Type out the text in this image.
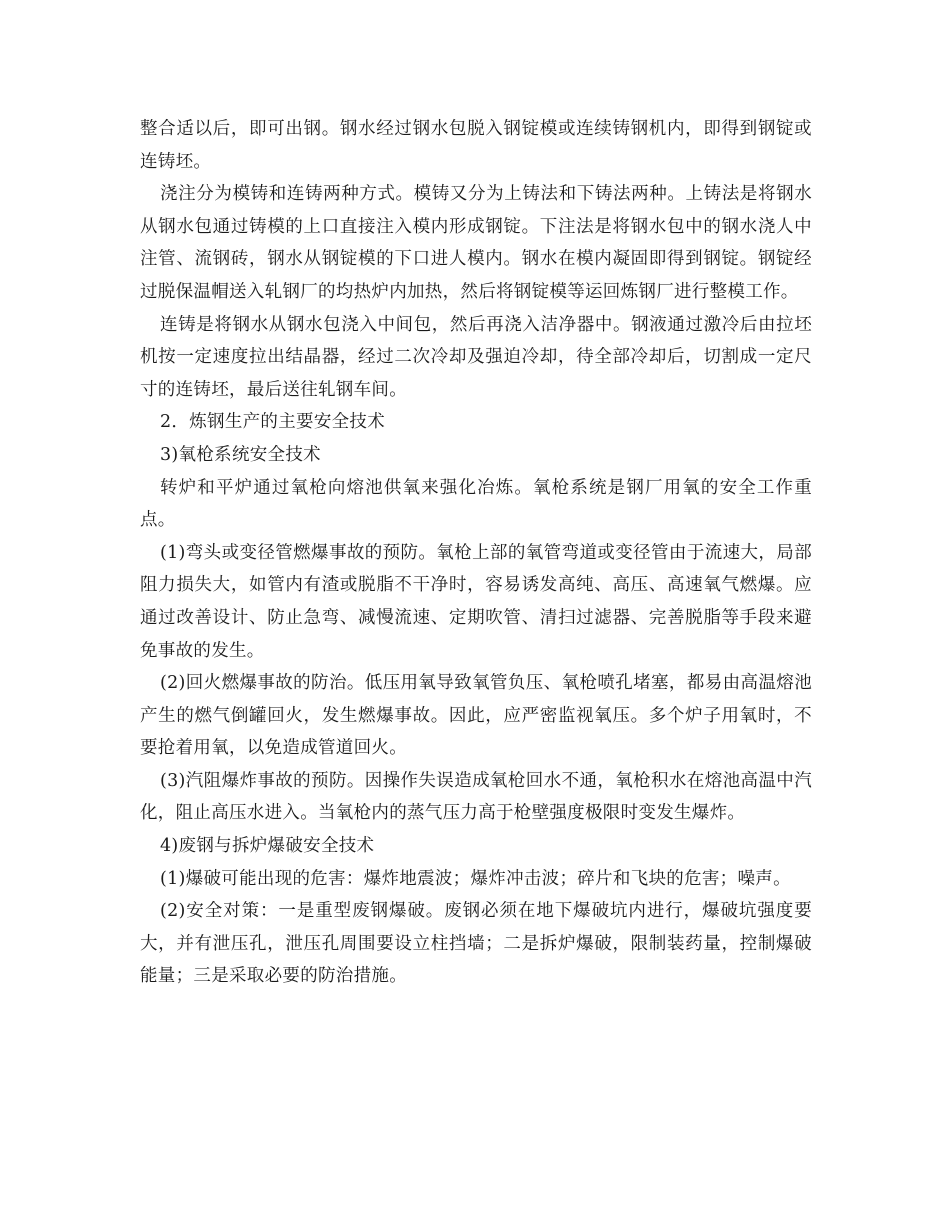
整合适以后，即可出钢。钢水经过钢水包脱入钢锭模或连续铸钢机内，即得到钢锭或连铸坯。

浇注分为模铸和连铸两种方式。模铸又分为上铸法和下铸法两种。上铸法是将钢水从钢水包通过铸模的上口直接注入模内形成钢锭。下注法是将钢水包中的钢水浇人中注管、流钢砖，钢水从钢锭模的下口进人模内。钢水在模内凝固即得到钢锭。钢锭经过脱保温帽送入轧钢厂的均热炉内加热，然后将钢锭模等运回炼钢厂进行整模工作。

连铸是将钢水从钢水包浇入中间包，然后再浇入洁净器中。钢液通过激冷后由拉坯机按一定速度拉出结晶器，经过二次冷却及强迫冷却，待全部冷却后，切割成一定尺寸的连铸坯，最后送往轧钢车间。

2．炼钢生产的主要安全技术

3)氧枪系统安全技术

转炉和平炉通过氧枪向熔池供氧来强化冶炼。氧枪系统是钢厂用氧的安全工作重点。

(1)弯头或变径管燃爆事故的预防。氧枪上部的氧管弯道或变径管由于流速大，局部阻力损失大，如管内有渣或脱脂不干净时，容易诱发高纯、高压、高速氧气燃爆。应通过改善设计、防止急弯、减慢流速、定期吹管、清扫过滤器、完善脱脂等手段来避免事故的发生。

(2)回火燃爆事故的防治。低压用氧导致氧管负压、氧枪喷孔堵塞，都易由高温熔池产生的燃气倒罐回火，发生燃爆事故。因此，应严密监视氧压。多个炉子用氧时，不要抢着用氧，以免造成管道回火。

(3)汽阻爆炸事故的预防。因操作失误造成氧枪回水不通，氧枪积水在熔池高温中汽化，阻止高压水进入。当氧枪内的蒸气压力高于枪壁强度极限时变发生爆炸。

4)废钢与拆炉爆破安全技术

(1)爆破可能出现的危害：爆炸地震波；爆炸冲击波；碎片和飞块的危害；噪声。

(2)安全对策：一是重型废钢爆破。废钢必须在地下爆破坑内进行，爆破坑强度要大，并有泄压孔，泄压孔周围要设立柱挡墙；二是拆炉爆破，限制装药量，控制爆破能量；三是采取必要的防治措施。
